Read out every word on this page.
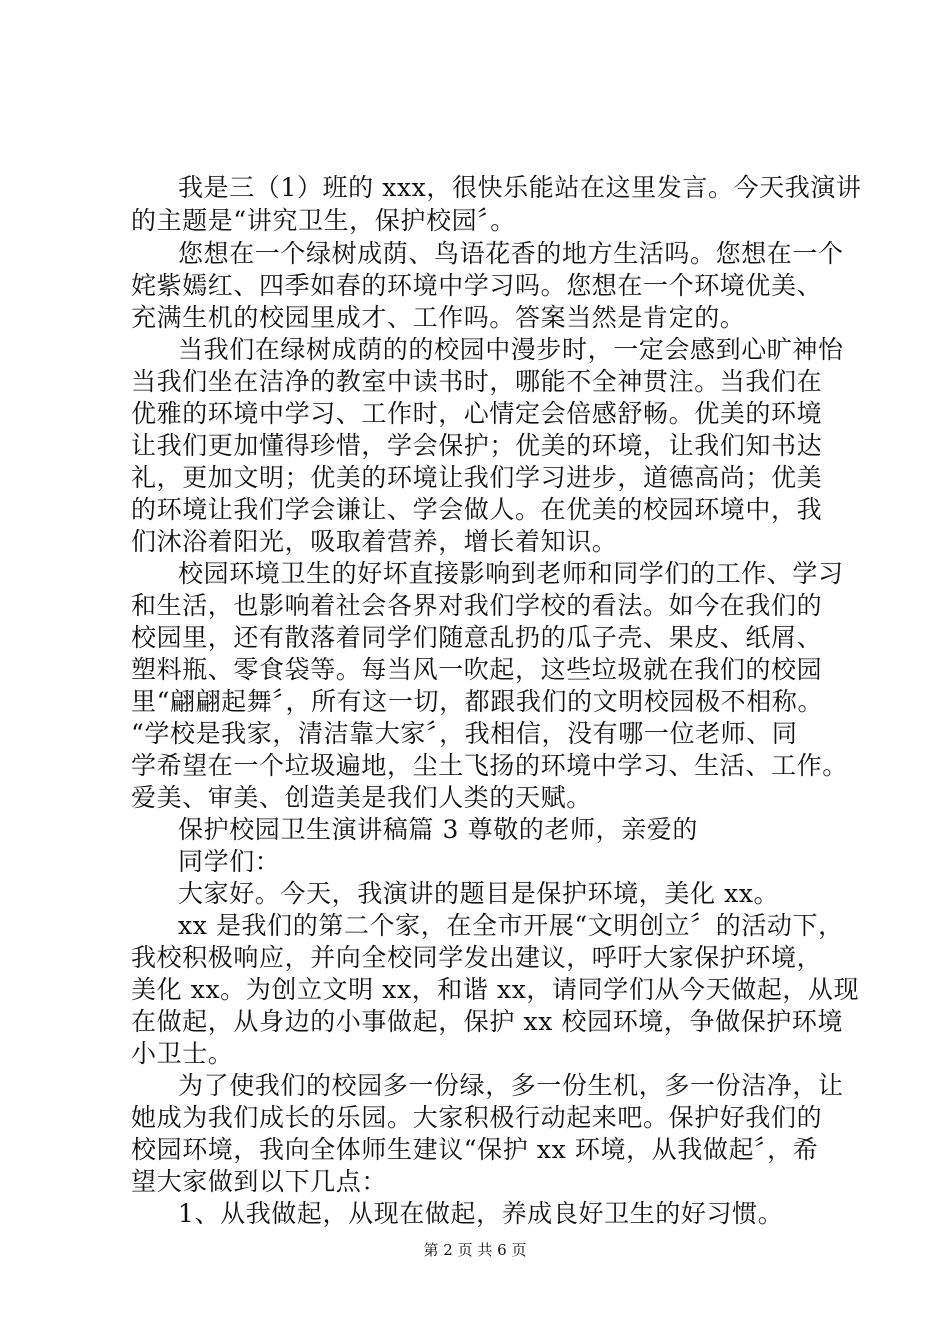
我是三（1）班的 xxx，很快乐能站在这里发言。今天我演讲
的主题是“讲究卫生，保护校园〞。
您想在一个绿树成荫、鸟语花香的地方生活吗。您想在一个
姹紫嫣红、四季如春的环境中学习吗。您想在一个环境优美、
充满生机的校园里成才、工作吗。答案当然是肯定的。
当我们在绿树成荫的的校园中漫步时，一定会感到心旷神怡
当我们坐在洁净的教室中读书时，哪能不全神贯注。当我们在
优雅的环境中学习、工作时，心情定会倍感舒畅。优美的环境
让我们更加懂得珍惜，学会保护；优美的环境，让我们知书达
礼，更加文明；优美的环境让我们学习进步，道德高尚；优美
的环境让我们学会谦让、学会做人。在优美的校园环境中，我
们沐浴着阳光，吸取着营养，增长着知识。
校园环境卫生的好坏直接影响到老师和同学们的工作、学习
和生活，也影响着社会各界对我们学校的看法。如今在我们的
校园里，还有散落着同学们随意乱扔的瓜子壳、果皮、纸屑、
塑料瓶、零食袋等。每当风一吹起，这些垃圾就在我们的校园
里“翩翩起舞〞，所有这一切，都跟我们的文明校园极不相称。
“学校是我家，清洁靠大家〞，我相信，没有哪一位老师、同
学希望在一个垃圾遍地，尘土飞扬的环境中学习、生活、工作。
爱美、审美、创造美是我们人类的天赋。
保护校园卫生演讲稿篇 3 尊敬的老师，亲爱的
同学们：
大家好。今天，我演讲的题目是保护环境，美化 xx。
xx 是我们的第二个家，在全市开展“文明创立〞的活动下，
我校积极响应，并向全校同学发出建议，呼吁大家保护环境，
美化 xx。为创立文明 xx，和谐 xx，请同学们从今天做起，从现
在做起，从身边的小事做起，保护 xx 校园环境，争做保护环境
小卫士。
为了使我们的校园多一份绿，多一份生机，多一份洁净，让
她成为我们成长的乐园。大家积极行动起来吧。保护好我们的
校园环境，我向全体师生建议“保护 xx 环境，从我做起〞，希
望大家做到以下几点：
1、从我做起，从现在做起，养成良好卫生的好习惯。
第 2 页 共 6 页
